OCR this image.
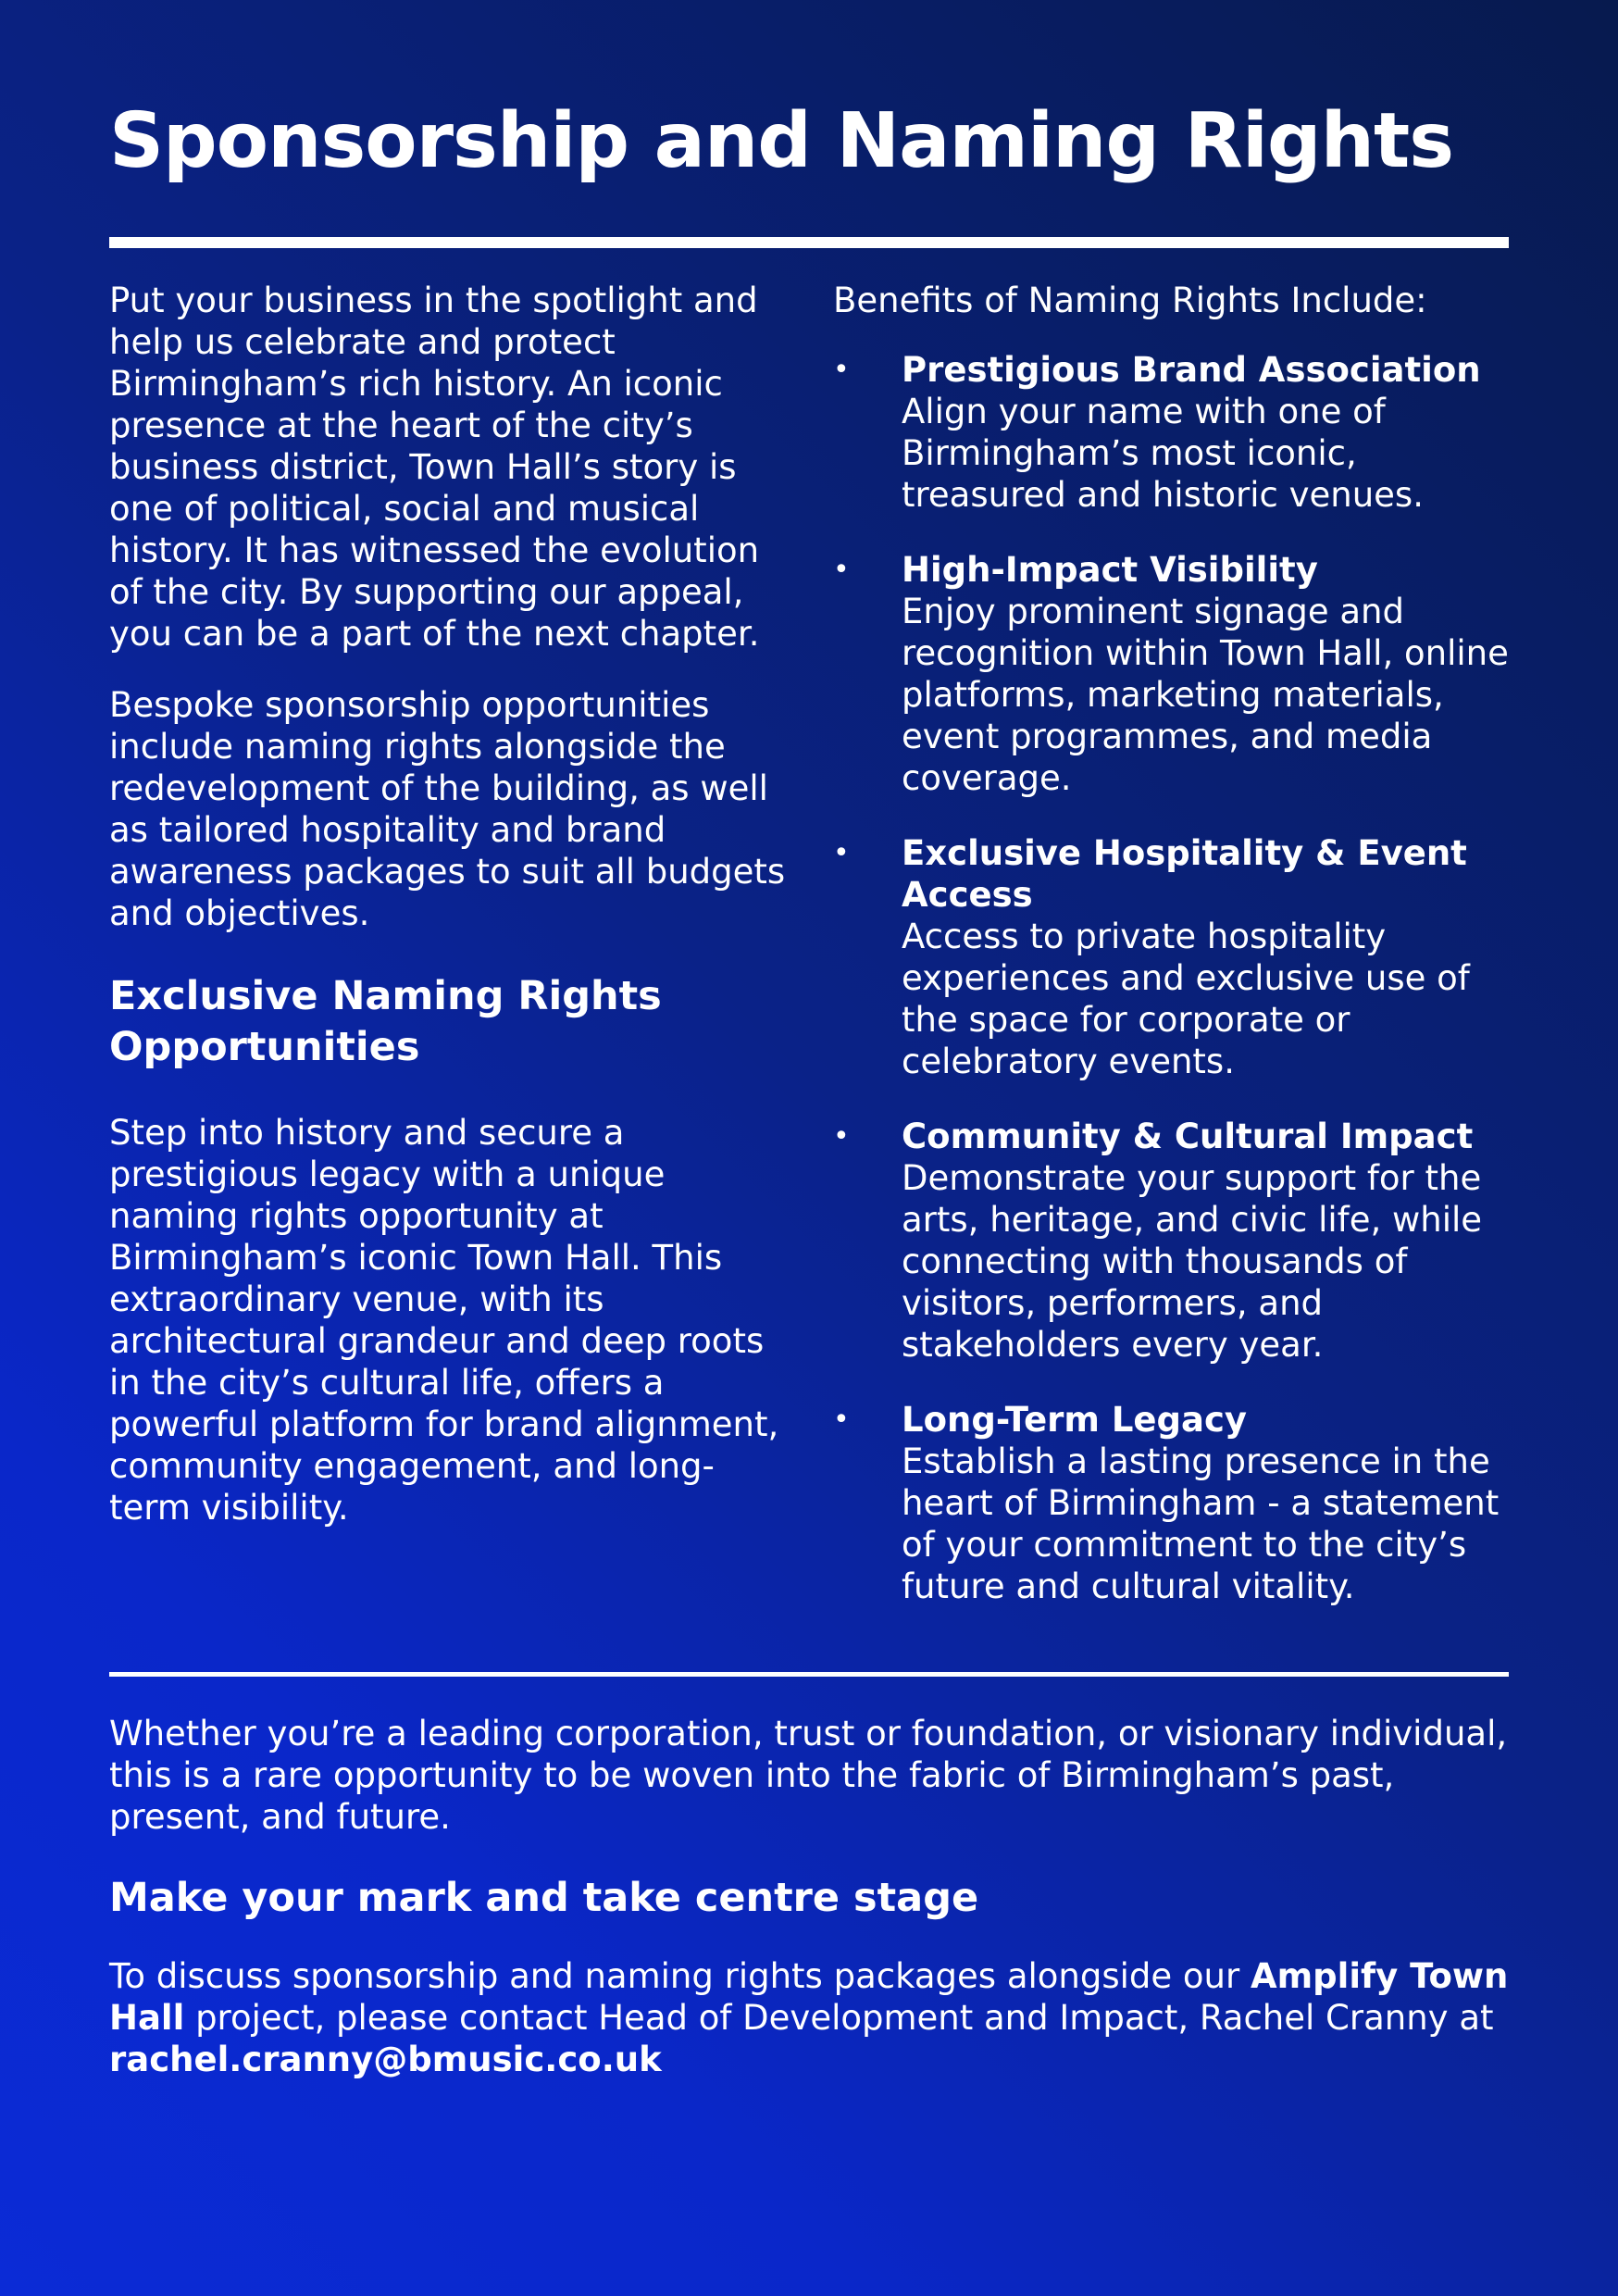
Sponsorship and Naming Rights

Put your business in the spotlight and help us celebrate and protect Birmingham’s rich history. An iconic presence at the heart of the city’s business district, Town Hall’s story is one of political, social and musical history. It has witnessed the evolution of the city. By supporting our appeal, you can be a part of the next chapter.

Bespoke sponsorship opportunities include naming rights alongside the redevelopment of the building, as well as tailored hospitality and brand awareness packages to suit all budgets and objectives.

Exclusive Naming Rights Opportunities

Step into history and secure a prestigious legacy with a unique naming rights opportunity at Birmingham’s iconic Town Hall. This extraordinary venue, with its architectural grandeur and deep roots in the city’s cultural life, offers a powerful platform for brand alignment, community engagement, and long-term visibility.

Benefits of Naming Rights Include:

• Prestigious Brand Association
Align your name with one of Birmingham’s most iconic, treasured and historic venues.
• High-Impact Visibility
Enjoy prominent signage and recognition within Town Hall, online platforms, marketing materials, event programmes, and media coverage.
• Exclusive Hospitality & Event Access
Access to private hospitality experiences and exclusive use of the space for corporate or celebratory events.
• Community & Cultural Impact
Demonstrate your support for the arts, heritage, and civic life, while connecting with thousands of visitors, performers, and stakeholders every year.
• Long-Term Legacy
Establish a lasting presence in the heart of Birmingham - a statement of your commitment to the city’s future and cultural vitality.

Whether you’re a leading corporation, trust or foundation, or visionary individual, this is a rare opportunity to be woven into the fabric of Birmingham’s past, present, and future.

Make your mark and take centre stage

To discuss sponsorship and naming rights packages alongside our Amplify Town Hall project, please contact Head of Development and Impact, Rachel Cranny at rachel.cranny@bmusic.co.uk
